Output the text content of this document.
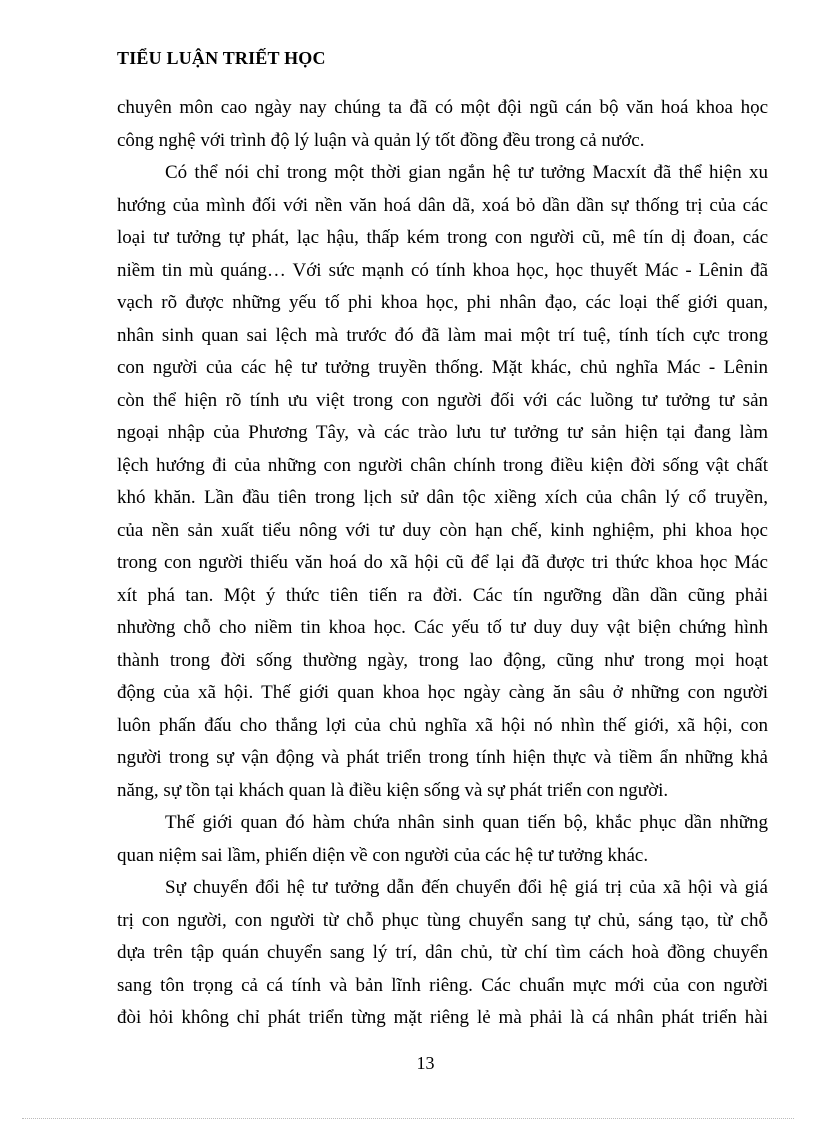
TIỂU LUẬN TRIẾT HỌC
chuyên môn cao ngày nay chúng ta đã có một đội ngũ cán bộ văn hoá khoa học
công nghệ với trình độ lý luận và quản lý tốt đồng đều trong cả nước.
Có thể nói chỉ trong một thời gian ngắn hệ tư tưởng Macxít đã thể hiện xu
hướng của mình đối với nền văn hoá dân dã, xoá bỏ dần dần sự thống trị của các
loại tư tưởng tự phát, lạc hậu, thấp kém trong con người cũ, mê tín dị đoan, các
niềm tin mù quáng… Với sức mạnh có tính khoa học, học thuyết Mác - Lênin đã
vạch rõ được những yếu tố phi khoa học, phi nhân đạo, các loại thế giới quan,
nhân sinh quan sai lệch mà trước đó đã làm mai một trí tuệ, tính tích cực trong
con người của các hệ tư tưởng truyền thống. Mặt khác, chủ nghĩa Mác - Lênin
còn thể hiện rõ tính ưu việt trong con người đối với các luồng tư tưởng tư sản
ngoại nhập của Phương Tây, và các trào lưu tư tưởng tư sản hiện tại đang làm
lệch hướng đi của những con người chân chính trong điều kiện đời sống vật chất
khó khăn. Lần đầu tiên trong lịch sử dân tộc xiềng xích của chân lý cổ truyền,
của nền sản xuất tiểu nông với tư duy còn hạn chế, kinh nghiệm, phi khoa học
trong con người thiếu văn hoá do xã hội cũ để lại đã được tri thức khoa học Mác
xít phá tan. Một ý thức tiên tiến ra đời. Các tín ngưỡng dần dần cũng phải
nhường chỗ cho niềm tin khoa học. Các yếu tố tư duy duy vật biện chứng hình
thành trong đời sống thường ngày, trong lao động, cũng như trong mọi hoạt
động của xã hội. Thế giới quan khoa học ngày càng ăn sâu ở những con người
luôn phấn đấu cho thắng lợi của chủ nghĩa xã hội nó nhìn thế giới, xã hội, con
người trong sự vận động và phát triển trong tính hiện thực và tiềm ẩn những khả
năng, sự tồn tại khách quan là điều kiện sống và sự phát triển con người.
Thế giới quan đó hàm chứa nhân sinh quan tiến bộ, khắc phục dần những
quan niệm sai lầm, phiến diện về con người của các hệ tư tưởng khác.
Sự chuyển đổi hệ tư tưởng dẫn đến chuyển đổi hệ giá trị của xã hội và giá
trị con người, con người từ chỗ phục tùng chuyển sang tự chủ, sáng tạo, từ chỗ
dựa trên tập quán chuyển sang lý trí, dân chủ, từ chí tìm cách hoà đồng chuyển
sang tôn trọng cả cá tính và bản lĩnh riêng. Các chuẩn mực mới của con người
đòi hỏi không chỉ phát triển từng mặt riêng lẻ mà phải là cá nhân phát triển hài
13
